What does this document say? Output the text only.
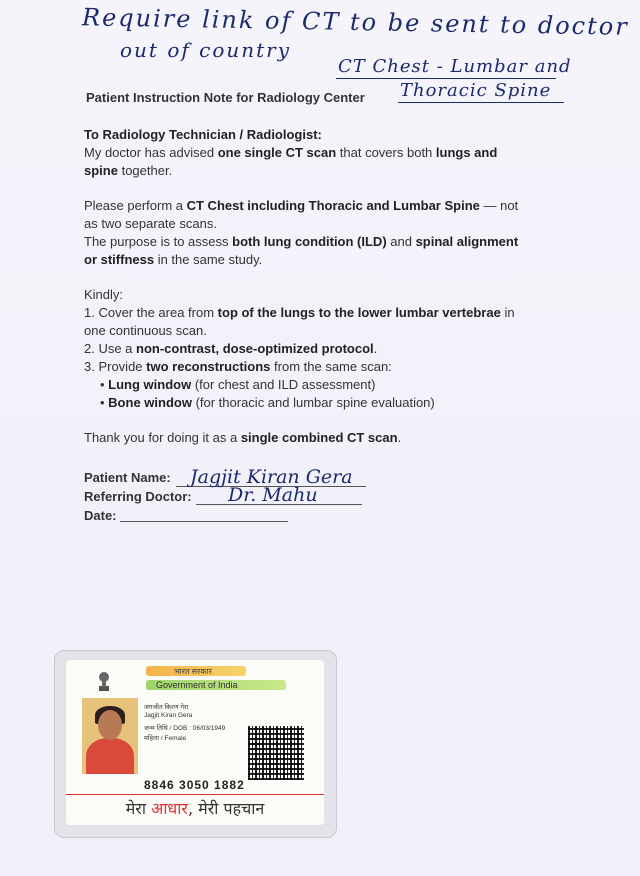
Require link of CT to be sent to doctor
out of country
CT Chest - Lumbar and
Thoracic Spine
Patient Instruction Note for Radiology Center

To Radiology Technician / Radiologist:
My doctor has advised one single CT scan that covers both lungs and spine together.

Please perform a CT Chest including Thoracic and Lumbar Spine — not as two separate scans.
The purpose is to assess both lung condition (ILD) and spinal alignment or stiffness in the same study.

Kindly:
1. Cover the area from top of the lungs to the lower lumbar vertebrae in one continuous scan.
2. Use a non-contrast, dose-optimized protocol.
3. Provide two reconstructions from the same scan:
• Lung window (for chest and ILD assessment)
• Bone window (for thoracic and lumbar spine evaluation)

Thank you for doing it as a single combined CT scan.

Patient Name: Jagjit Kiran Gera
Referring Doctor: Dr. Mahu
Date:
भारत सरकार
Government of India
जगजीत किरण गेरा
Jagjit Kiran Gera
जन्म तिथि / DOB : 06/03/1949
महिला / Female
8846 3050 1882
मेरा आधार, मेरी पहचान
